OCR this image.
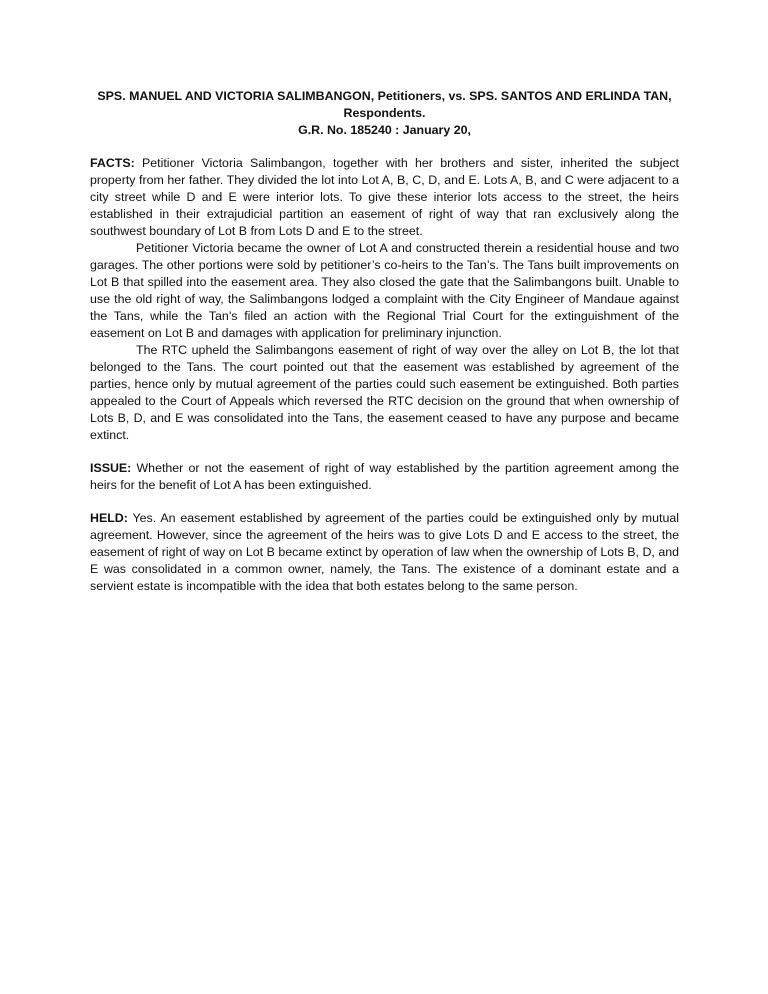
SPS. MANUEL AND VICTORIA SALIMBANGON, Petitioners, vs. SPS. SANTOS AND ERLINDA TAN,
Respondents.
G.R. No. 185240 : January 20,

FACTS: Petitioner Victoria Salimbangon, together with her brothers and sister, inherited the subject property from her father. They divided the lot into Lot A, B, C, D, and E. Lots A, B, and C were adjacent to a city street while D and E were interior lots. To give these interior lots access to the street, the heirs established in their extrajudicial partition an easement of right of way that ran exclusively along the southwest boundary of Lot B from Lots D and E to the street.

Petitioner Victoria became the owner of Lot A and constructed therein a residential house and two garages. The other portions were sold by petitioner’s co-heirs to the Tan’s. The Tans built improvements on Lot B that spilled into the easement area. They also closed the gate that the Salimbangons built. Unable to use the old right of way, the Salimbangons lodged a complaint with the City Engineer of Mandaue against the Tans, while the Tan’s filed an action with the Regional Trial Court for the extinguishment of the easement on Lot B and damages with application for preliminary injunction.

The RTC upheld the Salimbangons easement of right of way over the alley on Lot B, the lot that belonged to the Tans. The court pointed out that the easement was established by agreement of the parties, hence only by mutual agreement of the parties could such easement be extinguished. Both parties appealed to the Court of Appeals which reversed the RTC decision on the ground that when ownership of Lots B, D, and E was consolidated into the Tans, the easement ceased to have any purpose and became extinct.

ISSUE: Whether or not the easement of right of way established by the partition agreement among the heirs for the benefit of Lot A has been extinguished.

HELD: Yes. An easement established by agreement of the parties could be extinguished only by mutual agreement. However, since the agreement of the heirs was to give Lots D and E access to the street, the easement of right of way on Lot B became extinct by operation of law when the ownership of Lots B, D, and E was consolidated in a common owner, namely, the Tans. The existence of a dominant estate and a servient estate is incompatible with the idea that both estates belong to the same person.
